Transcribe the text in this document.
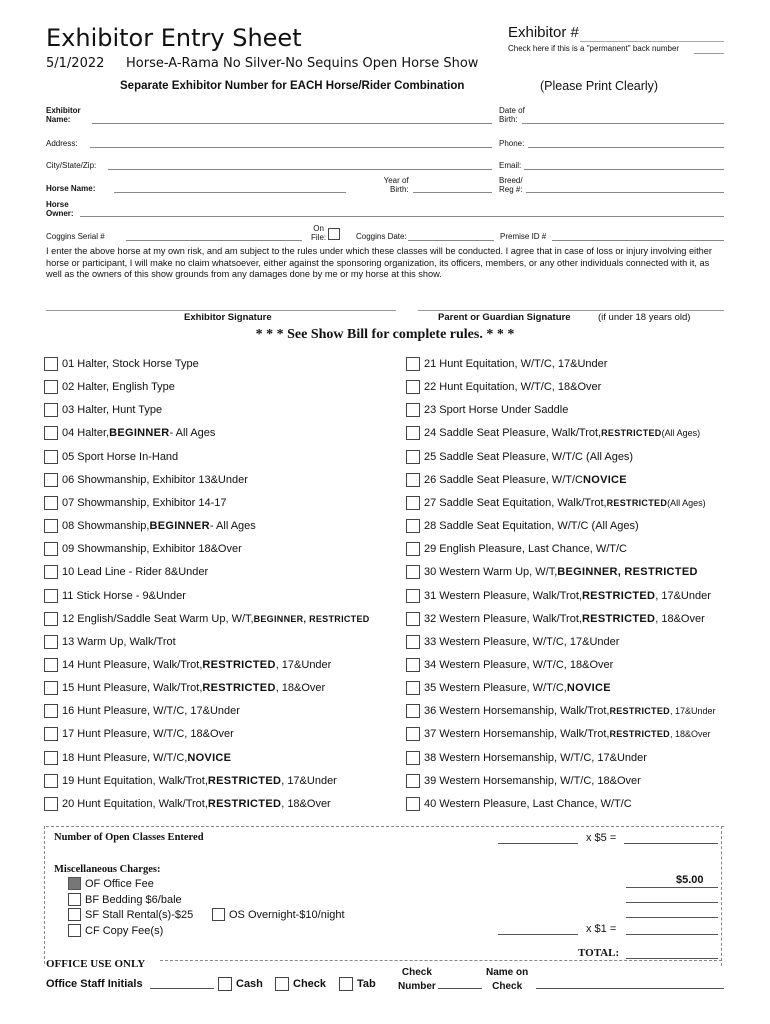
Exhibitor Entry Sheet
5/1/2022 Horse-A-Rama No Silver-No Sequins Open Horse Show
Separate Exhibitor Number for EACH Horse/Rider Combination	(Please Print Clearly)
Exhibitor #
Check here if this is a "permanent" back number
Exhibitor
Name:
Date of
Birth:
Address:	Phone:
City/State/Zip:	Email:
Horse Name:
Year of
Birth:
Breed/
Reg #:
Horse
Owner:
Coggins Serial #
On
File:	Coggins Date:	Premise ID #
I enter the above horse at my own risk, and am subject to the rules under which these classes will be conducted. I agree that in case of loss or injury involving either horse or participant, I will make no claim whatsoever, either against the sponsoring organization, its officers, members, or any other individuals connected with it, as well as the owners of this show grounds from any damages done by me or my horse at this show.
Exhibitor Signature	Parent or Guardian Signature	(if under 18 years old)
* * * See Show Bill for complete rules. * * *
01 Halter, Stock Horse Type
02 Halter, English Type
03 Halter, Hunt Type
04 Halter, BEGINNER - All Ages
05 Sport Horse In-Hand
06 Showmanship, Exhibitor 13&Under
07 Showmanship, Exhibitor 14-17
08 Showmanship, BEGINNER - All Ages
09 Showmanship, Exhibitor 18&Over
10 Lead Line - Rider 8&Under
11 Stick Horse - 9&Under
12 English/Saddle Seat Warm Up, W/T, BEGINNER, RESTRICTED
13 Warm Up, Walk/Trot
14 Hunt Pleasure, Walk/Trot, RESTRICTED , 17&Under
15 Hunt Pleasure, Walk/Trot, RESTRICTED , 18&Over
16 Hunt Pleasure, W/T/C, 17&Under
17 Hunt Pleasure, W/T/C, 18&Over
18 Hunt Pleasure, W/T/C, NOVICE
19 Hunt Equitation, Walk/Trot, RESTRICTED , 17&Under
20 Hunt Equitation, Walk/Trot, RESTRICTED , 18&Over
21 Hunt Equitation, W/T/C, 17&Under
22 Hunt Equitation, W/T/C, 18&Over
23 Sport Horse Under Saddle
24 Saddle Seat Pleasure, Walk/Trot, RESTRICTED (All Ages)
25 Saddle Seat Pleasure, W/T/C (All Ages)
26 Saddle Seat Pleasure, W/T/C NOVICE
27 Saddle Seat Equitation, Walk/Trot, RESTRICTED (All Ages)
28 Saddle Seat Equitation, W/T/C (All Ages)
29 English Pleasure, Last Chance, W/T/C
30 Western Warm Up, W/T, BEGINNER, RESTRICTED
31 Western Pleasure, Walk/Trot, RESTRICTED , 17&Under
32 Western Pleasure, Walk/Trot, RESTRICTED , 18&Over
33 Western Pleasure, W/T/C, 17&Under
34 Western Pleasure, W/T/C, 18&Over
35 Western Pleasure, W/T/C, NOVICE
36 Western Horsemanship, Walk/Trot, RESTRICTED , 17&Under
37 Western Horsemanship, Walk/Trot, RESTRICTED , 18&Over
38 Western Horsemanship, W/T/C, 17&Under
39 Western Horsemanship, W/T/C, 18&Over
40 Western Pleasure, Last Chance, W/T/C
Number of Open Classes Entered	x $5 =
Miscellaneous Charges:
OF Office Fee	$5.00
BF Bedding $6/bale
SF Stall Rental(s)-$25	OS Overnight-$10/night
CF Copy Fee(s)	x $1 =
TOTAL:
OFFICE USE ONLY
Office Staff Initials	Cash	Check	Tab
Check
Number
Name on
Check
